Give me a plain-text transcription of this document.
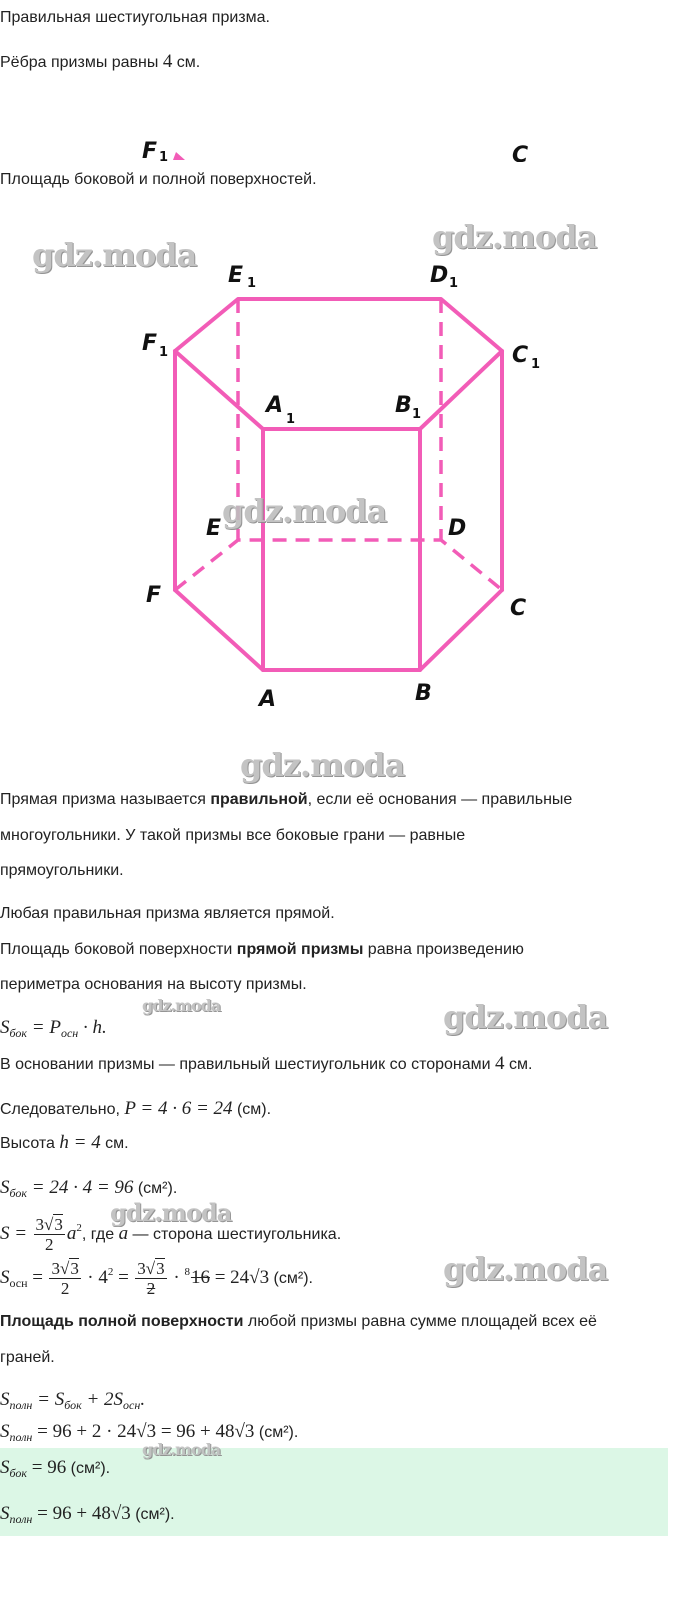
Правильная шестиугольная призма.
Рёбра призмы равны 4 см.
F 1	C
Площадь боковой и полной поверхностей.
E 1	D 1
F 1	C 1
A
1
B 1
E	D
F
C
A	B
Прямая призма называется правильной, если её основания — правильные
многоугольники. У такой призмы все боковые грани — равные
прямоугольники.
Любая правильная призма является прямой.
Площадь боковой поверхности прямой призмы равна произведению
периметра основания на высоту призмы.
$S_{бок} = P_{осн} \cdot h$.
В основании призмы — правильный шестиугольник со сторонами 4 см.
Следовательно, P = 4 · 6 = 24 (см).
Высота h = 4 см.
$S_{бок} = 24 \cdot 4 = 96$ (см²).
$S = \frac{3√3}{2} a^2$, где a — сторона шестиугольника.
$S_{осн} = \frac{3√3}{2} \cdot 4^2 = \frac{3√3}{2} \cdot ^816 = 24√3$ (см²).
Площадь полной поверхности любой призмы равна сумме площадей всех её
граней.
$S_{полн} = S_{бок} + 2S_{осн}$.
$S_{полн} = 96 + 2 \cdot 24√3 = 96 + 48√3$ (см²).
$S_{бок} = 96$ (см²).
$S_{полн} = 96 + 48√3$ (см²).
gdz.moda	gdz.moda
gdz.moda
gdz.moda
gdz.moda	gdz.moda
gdz.moda
gdz.moda
gdz.moda
